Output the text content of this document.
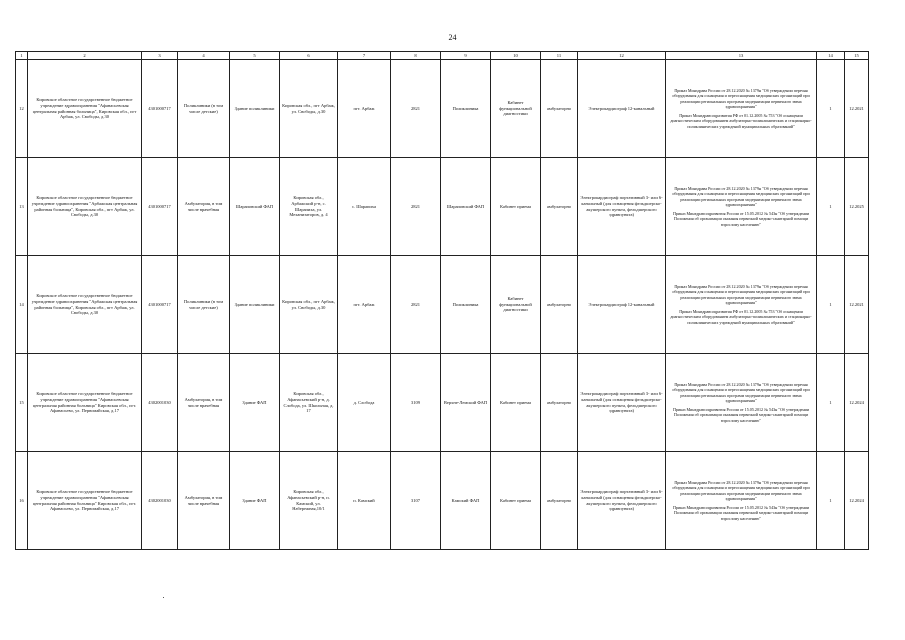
24
1	2	3	4	5	6	7	8	9	10	11	12	13	14	15
12	Кировское областное государственное бюджетное учреждение здравоохранения "Афанасьевская центральная районная больница", Кировская обл., пгт Арбаж, ул. Свободы, д.30	4301000717	Поликлиники (в том числе детские)	Здание поликлиники	Кировская обл., пгт Арбаж, ул. Свободы, д.30	пгт. Арбаж	2821	Поликлиника	Кабинет функциональной диагностики	амбулаторно	Электрокардиограф 12-канальный	Приказ Минздрава России от 28.12.2020 № 1379н "Об утверждении перечня оборудования для оснащения и переоснащения медицинских организаций при реализации региональных программ модернизации первичного звена здравоохранения"
Приказ Минздравсоцразвития РФ от 01.12.2005 № 753 "Об оснащении диагностическим оборудованием амбулаторно-поликлинических и стационарно-поликлинических учреждений муниципальных образований"	1	12.2021
13	Кировское областное государственное бюджетное учреждение здравоохранения "Арбажская центральная районная больница", Кировская обл., пгт Арбаж, ул. Свободы, д.30	4301000717	Амбулатория, в том числе врачебная	Шараповский ФАП	Кировская обл., Арбажский р-н, с. Шарапиха, ул. Механизаторов, д. 4	с. Шарапиха	2821	Шараповский ФАП	Кабинет приема	амбулаторно	Электрокардиограф портативный 3- или 6-канальный (для оснащения фельдшерско-акушерского пункта, фельдшерского здравпункта)	Приказ Минздрава России от 28.12.2020 № 1379н "Об утверждении перечня оборудования для оснащения и переоснащения медицинских организаций при реализации региональных программ модернизации первичного звена здравоохранения"
Приказ Минздравсоцразвития России от 15.05.2012 № 543н "Об утверждении Положения об организации оказания первичной медико-санитарной помощи взрослому населению"	1	12.2025
14	Кировское областное государственное бюджетное учреждение здравоохранения "Арбажская центральная районная больница", Кировская обл., пгт Арбаж, ул. Свободы, д.30	4301000717	Поликлиники (в том числе детские)	Здание поликлиники	Кировская обл., пгт Арбаж, ул. Свободы, д.30	пгт. Арбаж	2821	Поликлиника	Кабинет функциональной диагностики	амбулаторно	Электрокардиограф 12-канальный	Приказ Минздрава России от 28.12.2020 № 1379н "Об утверждении перечня оборудования для оснащения и переоснащения медицинских организаций при реализации региональных программ модернизации первичного звена здравоохранения"
Приказ Минздравсоцразвития РФ от 01.12.2005 № 753 "Об оснащении диагностическим оборудованием амбулаторно-поликлинических и стационарно-поликлинических учреждений муниципальных образований"	1	12.2021
15	Кировское областное государственное бюджетное учреждение здравоохранения "Афанасьевская центральная районная больница" Кировская обл., пгт. Афанасьево, ул. Первомайская, д.17	4302001030	Амбулатория, в том числе врачебная	Здание ФАП	Кировская обл., Афанасьевский р-н, д. Слобода, ул. Школьная, д. 17	д. Слобода	3109	Верхне-Лемский ФАП	Кабинет приема	амбулаторно	Электрокардиограф портативный 3- или 6-канальный (для оснащения фельдшерско-акушерского пункта, фельдшерского здравпункта)	Приказ Минздрава России от 28.12.2020 № 1379н "Об утверждении перечня оборудования для оснащения и переоснащения медицинских организаций при реализации региональных программ модернизации первичного звена здравоохранения"
Приказ Минздравсоцразвития России от 15.05.2012 № 543н "Об утверждении Положения об организации оказания первичной медико-санитарной помощи взрослому населению"	1	12.2024
16	Кировское областное государственное бюджетное учреждение здравоохранения "Афанасьевская центральная районная больница" Кировская обл., пгт. Афанасьево, ул. Первомайская, д.17	4302001030	Амбулатория, в том числе врачебная	Здание ФАП	Кировская обл., Афанасьевский р-н, п. Камский, ул. Набережная,10/1	п. Камский	3107	Камский ФАП	Кабинет приема	амбулаторно	Электрокардиограф портативный 3- или 6-канальный (для оснащения фельдшерско-акушерского пункта, фельдшерского здравпункта)	Приказ Минздрава России от 28.12.2020 № 1379н "Об утверждении перечня оборудования для оснащения и переоснащения медицинских организаций при реализации региональных программ модернизации первичного звена здравоохранения"
Приказ Минздравсоцразвития России от 15.05.2012 № 543н "Об утверждении Положения об организации оказания первичной медико-санитарной помощи взрослому населению"	1	12.2024
